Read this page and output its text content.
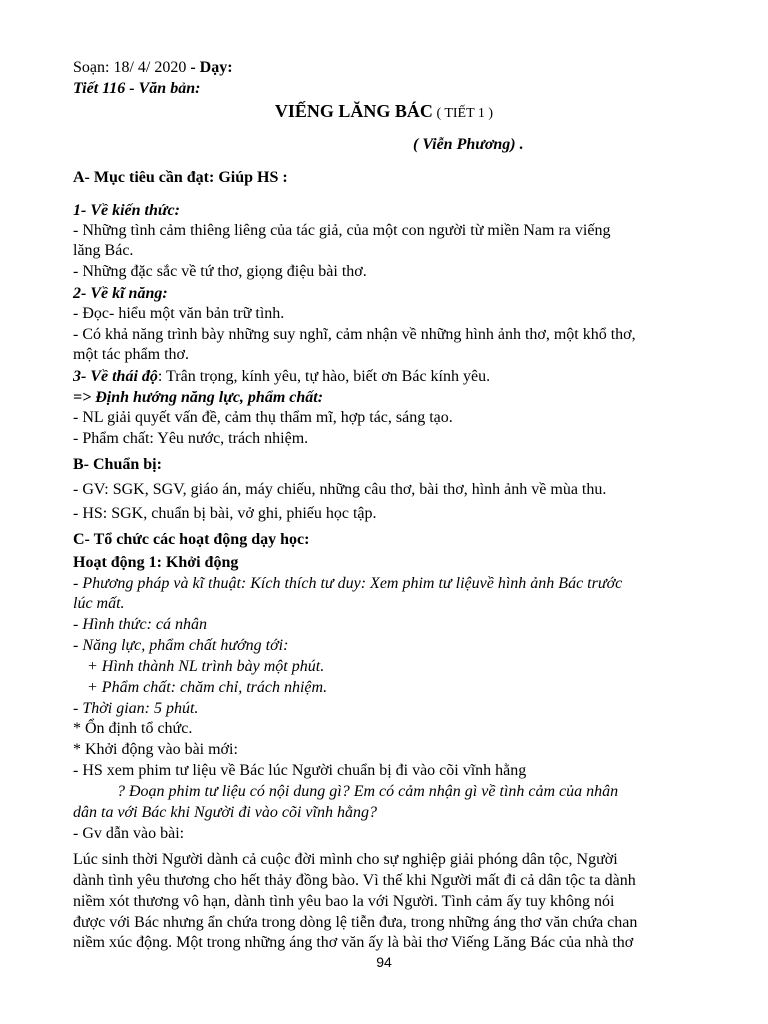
Soạn: 18/ 4/ 2020 - Dạy:
Tiết 116 - Văn bản:
VIẾNG LĂNG BÁC ( TIẾT 1 )
( Viễn Phương) .
A- Mục tiêu cần đạt: Giúp HS :
1- Về kiến thức:
- Những tình cảm thiêng liêng của tác giả, của một con người từ miền Nam ra viếng
lăng Bác.
- Những đặc sắc về tứ thơ, giọng điệu bài thơ.
2- Về kĩ năng:
- Đọc- hiểu một văn bản trữ tình.
- Có khả năng trình bày những suy nghĩ, cảm nhận về những hình ảnh thơ, một khổ thơ,
một tác phẩm thơ.
3- Về thái độ: Trân trọng, kính yêu, tự hào, biết ơn Bác kính yêu.
=> Định hướng năng lực, phẩm chất:
- NL giải quyết vấn đề, cảm thụ thẩm mĩ, hợp tác, sáng tạo.
- Phẩm chất: Yêu nước, trách nhiệm.
B- Chuẩn bị:
- GV: SGK, SGV, giáo án, máy chiếu, những câu thơ, bài thơ, hình ảnh về mùa thu.
- HS: SGK, chuẩn bị bài, vở ghi, phiếu học tập.
C- Tổ chức các hoạt động dạy học:
Hoạt động 1: Khởi động
- Phương pháp và kĩ thuật: Kích thích tư duy: Xem phim tư liệuvề hình ảnh Bác trước
lúc mất.
- Hình thức: cá nhân
- Năng lực, phẩm chất hướng tới:
+ Hình thành NL trình bày một phút.
+ Phẩm chất: chăm chỉ, trách nhiệm.
- Thời gian: 5 phút.
* Ổn định tổ chức.
* Khởi động vào bài mới:
- HS xem phim tư liệu về Bác lúc Người chuẩn bị đi vào cõi vĩnh hằng
? Đoạn phim tư liệu có nội dung gì? Em có cảm nhận gì về tình cảm của nhân
dân ta với Bác khi Người đi vào cõi vĩnh hằng?
- Gv dẫn vào bài:
Lúc sinh thời Người dành cả cuộc đời mình cho sự nghiệp giải phóng dân tộc, Người
dành tình yêu thương cho hết thảy đồng bào. Vì thế khi Người mất đi cả dân tộc ta dành
niềm xót thương vô hạn, dành tình yêu bao la với Người. Tình cảm ấy tuy không nói
được với Bác nhưng ẩn chứa trong dòng lệ tiễn đưa, trong những áng thơ văn chứa chan
niềm xúc động. Một trong những áng thơ văn ấy là bài thơ Viếng Lăng Bác của nhà thơ
94
